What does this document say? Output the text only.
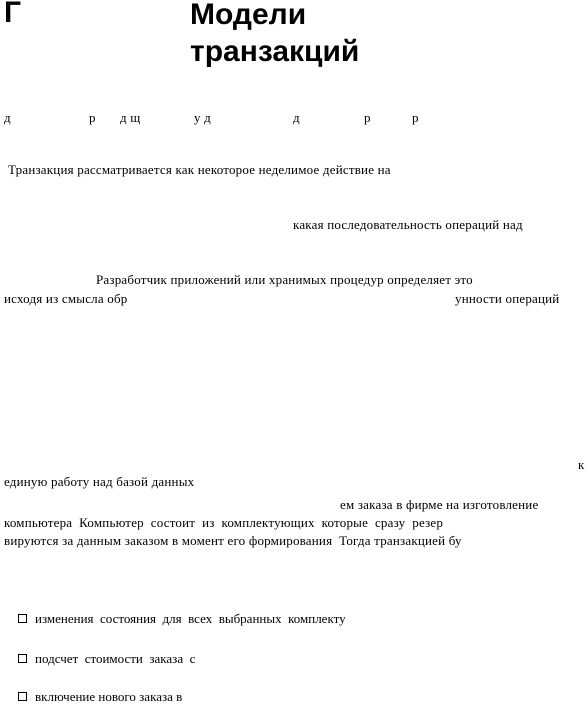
Г	Модели
транзакций
д	р д щ	у д	д	р	р
Транзакция рассматривается как некоторое неделимое действие на
какая последовательность операций над
Разработчик приложений или хранимых процедур определяет это
исходя из смысла обр	унности операций
к
единую работу над базой данных
ем заказа в фирме на изготовление
компьютера  Компьютер  состоит  из  комплектующих  которые  сразу  резер
вируются за данным заказом в момент его формирования  Тогда транзакцией бу

изменения  состояния  для  всех  выбранных  комплекту

подсчет  стоимости  заказа  с

включение нового заказа в
